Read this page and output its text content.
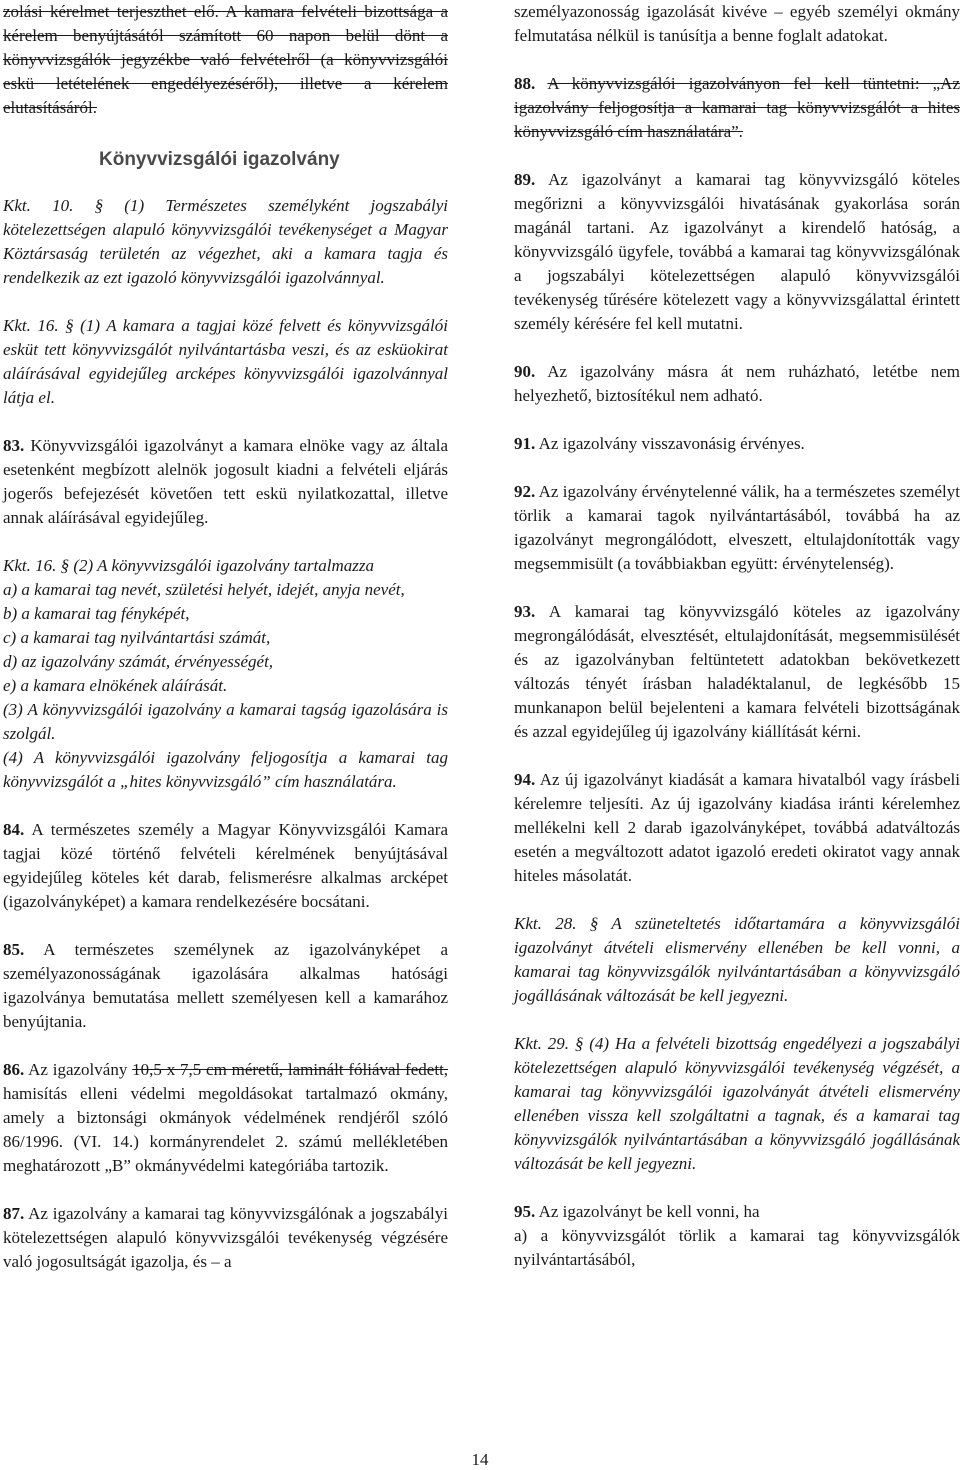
zolási kérelmet terjeszthet elő. A kamara felvételi bizottsága a kérelem benyújtásától számított 60 napon belül dönt a könyvvizsgálók jegyzékbe való felvételről (a könyvvizsgálói eskü letételének engedélyezéséről), illetve a kérelem elutasításáról.

Könyvvizsgálói igazolvány

Kkt. 10. § (1) Természetes személyként jogszabályi kötelezettségen alapuló könyvvizsgálói tevékenységet a Magyar Köztársaság területén az végezhet, aki a kamara tagja és rendelkezik az ezt igazoló könyvvizsgálói igazolvánnyal.

Kkt. 16. § (1) A kamara a tagjai közé felvett és könyvvizsgálói esküt tett könyvvizsgálót nyilvántartásba veszi, és az esküokirat aláírásával egyidejűleg arcképes könyvvizsgálói igazolvánnyal látja el.

83. Könyvvizsgálói igazolványt a kamara elnöke vagy az általa esetenként megbízott alelnök jogosult kiadni a felvételi eljárás jogerős befejezését követően tett eskü nyilatkozattal, illetve annak aláírásával egyidejűleg.

Kkt. 16. § (2) A könyvvizsgálói igazolvány tartalmazza

a) a kamarai tag nevét, születési helyét, idejét, anyja nevét,

b) a kamarai tag fényképét,

c) a kamarai tag nyilvántartási számát,

d) az igazolvány számát, érvényességét,

e) a kamara elnökének aláírását.

(3) A könyvvizsgálói igazolvány a kamarai tagság igazolására is szolgál.

(4) A könyvvizsgálói igazolvány feljogosítja a kamarai tag könyvvizsgálót a „hites könyvvizsgáló” cím használatára.

84. A természetes személy a Magyar Könyvvizsgálói Kamara tagjai közé történő felvételi kérelmének benyújtásával egyidejűleg köteles két darab, felismerésre alkalmas arcképet (igazolványképet) a kamara rendelkezésére bocsátani.

85. A természetes személynek az igazolványképet a személyazonosságának igazolására alkalmas hatósági igazolványa bemutatása mellett személyesen kell a kamarához benyújtania.

86. Az igazolvány 10,5 x 7,5 cm méretű, laminált fóliával fedett, hamisítás elleni védelmi megoldásokat tartalmazó okmány, amely a biztonsági okmányok védelmének rendjéről szóló 86/1996. (VI. 14.) kormányrendelet 2. számú mellékletében meghatározott „B” okmányvédelmi kategóriába tartozik.

87. Az igazolvány a kamarai tag könyvvizsgálónak a jogszabályi kötelezettségen alapuló könyvvizsgálói tevékenység végzésére való jogosultságát igazolja, és – a

személyazonosság igazolását kivéve – egyéb személyi okmány felmutatása nélkül is tanúsítja a benne foglalt adatokat.

88. A könyvvizsgálói igazolványon fel kell tüntetni: „Az igazolvány feljogosítja a kamarai tag könyvvizsgálót a hites könyvvizsgáló cím használatára”.

89. Az igazolványt a kamarai tag könyvvizsgáló köteles megőrizni a könyvvizsgálói hivatásának gyakorlása során magánál tartani. Az igazolványt a kirendelő hatóság, a könyvvizsgáló ügyfele, továbbá a kamarai tag könyvvizsgálónak a jogszabályi kötelezettségen alapuló könyvvizsgálói tevékenység tűrésére kötelezett vagy a könyvvizsgálattal érintett személy kérésére fel kell mutatni.

90. Az igazolvány másra át nem ruházható, letétbe nem helyezhető, biztosítékul nem adható.

91. Az igazolvány visszavonásig érvényes.

92. Az igazolvány érvénytelenné válik, ha a természetes személyt törlik a kamarai tagok nyilvántartásából, továbbá ha az igazolványt megrongálódott, elveszett, eltulajdonították vagy megsemmisült (a továbbiakban együtt: érvénytelenség).

93. A kamarai tag könyvvizsgáló köteles az igazolvány megrongálódását, elvesztését, eltulajdonítását, megsemmisülését és az igazolványban feltüntetett adatokban bekövetkezett változás tényét írásban haladéktalanul, de legkésőbb 15 munkanapon belül bejelenteni a kamara felvételi bizottságának és azzal egyidejűleg új igazolvány kiállítását kérni.

94. Az új igazolványt kiadását a kamara hivatalból vagy írásbeli kérelemre teljesíti. Az új igazolvány kiadása iránti kérelemhez mellékelni kell 2 darab igazolványképet, továbbá adatváltozás esetén a megváltozott adatot igazoló eredeti okiratot vagy annak hiteles másolatát.

Kkt. 28. § A szüneteltetés időtartamára a könyvvizsgálói igazolványt átvételi elismervény ellenében be kell vonni, a kamarai tag könyvvizsgálók nyilvántartásában a könyvvizsgáló jogállásának változását be kell jegyezni.

Kkt. 29. § (4) Ha a felvételi bizottság engedélyezi a jogszabályi kötelezettségen alapuló könyvvizsgálói tevékenység végzését, a kamarai tag könyvvizsgálói igazolványát átvételi elismervény ellenében vissza kell szolgáltatni a tagnak, és a kamarai tag könyvvizsgálók nyilvántartásában a könyvvizsgáló jogállásának változását be kell jegyezni.

95. Az igazolványt be kell vonni, ha

a) a könyvvizsgálót törlik a kamarai tag könyvvizsgálók nyilvántartásából,

14
